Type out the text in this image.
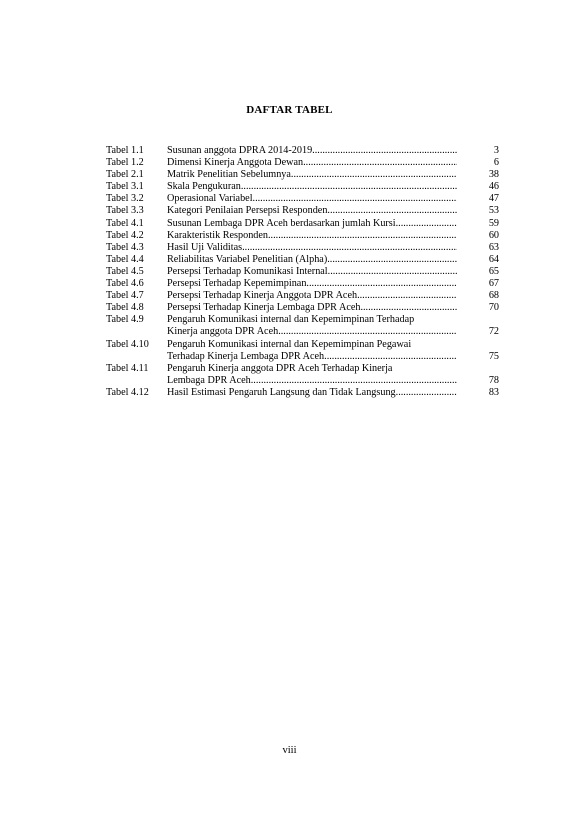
DAFTAR TABEL
Tabel 1.1	Susunan anggota DPRA 2014-2019 .....	3
Tabel 1.2	Dimensi Kinerja Anggota Dewan .....	6
Tabel 2.1	Matrik Penelitian Sebelumnya .....	38
Tabel 3.1	Skala Pengukuran .....	46
Tabel 3.2	Operasional Variabel .....	47
Tabel 3.3	Kategori Penilaian Persepsi Responden .....	53
Tabel 4.1	Susunan Lembaga DPR Aceh berdasarkan jumlah Kursi .....	59
Tabel 4.2	Karakteristik Responden .....	60
Tabel 4.3	Hasil Uji Validitas .....	63
Tabel 4.4	Reliabilitas Variabel Penelitian (Alpha) .....	64
Tabel 4.5	Persepsi Terhadap Komunikasi Internal .....	65
Tabel 4.6	Persepsi Terhadap Kepemimpinan .....	67
Tabel 4.7	Persepsi Terhadap Kinerja Anggota DPR Aceh .....	68
Tabel 4.8	Persepsi Terhadap Kinerja Lembaga DPR Aceh .....	70
Tabel 4.9	Pengaruh Komunikasi internal dan Kepemimpinan Terhadap
Kinerja anggota DPR Aceh .....	72
Tabel 4.10	Pengaruh Komunikasi internal dan Kepemimpinan Pegawai
Terhadap Kinerja Lembaga DPR Aceh .....	75
Tabel 4.11	Pengaruh Kinerja anggota DPR Aceh Terhadap Kinerja
Lembaga DPR Aceh .....	78
Tabel 4.12	Hasil Estimasi Pengaruh Langsung dan Tidak Langsung .....	83
viii
